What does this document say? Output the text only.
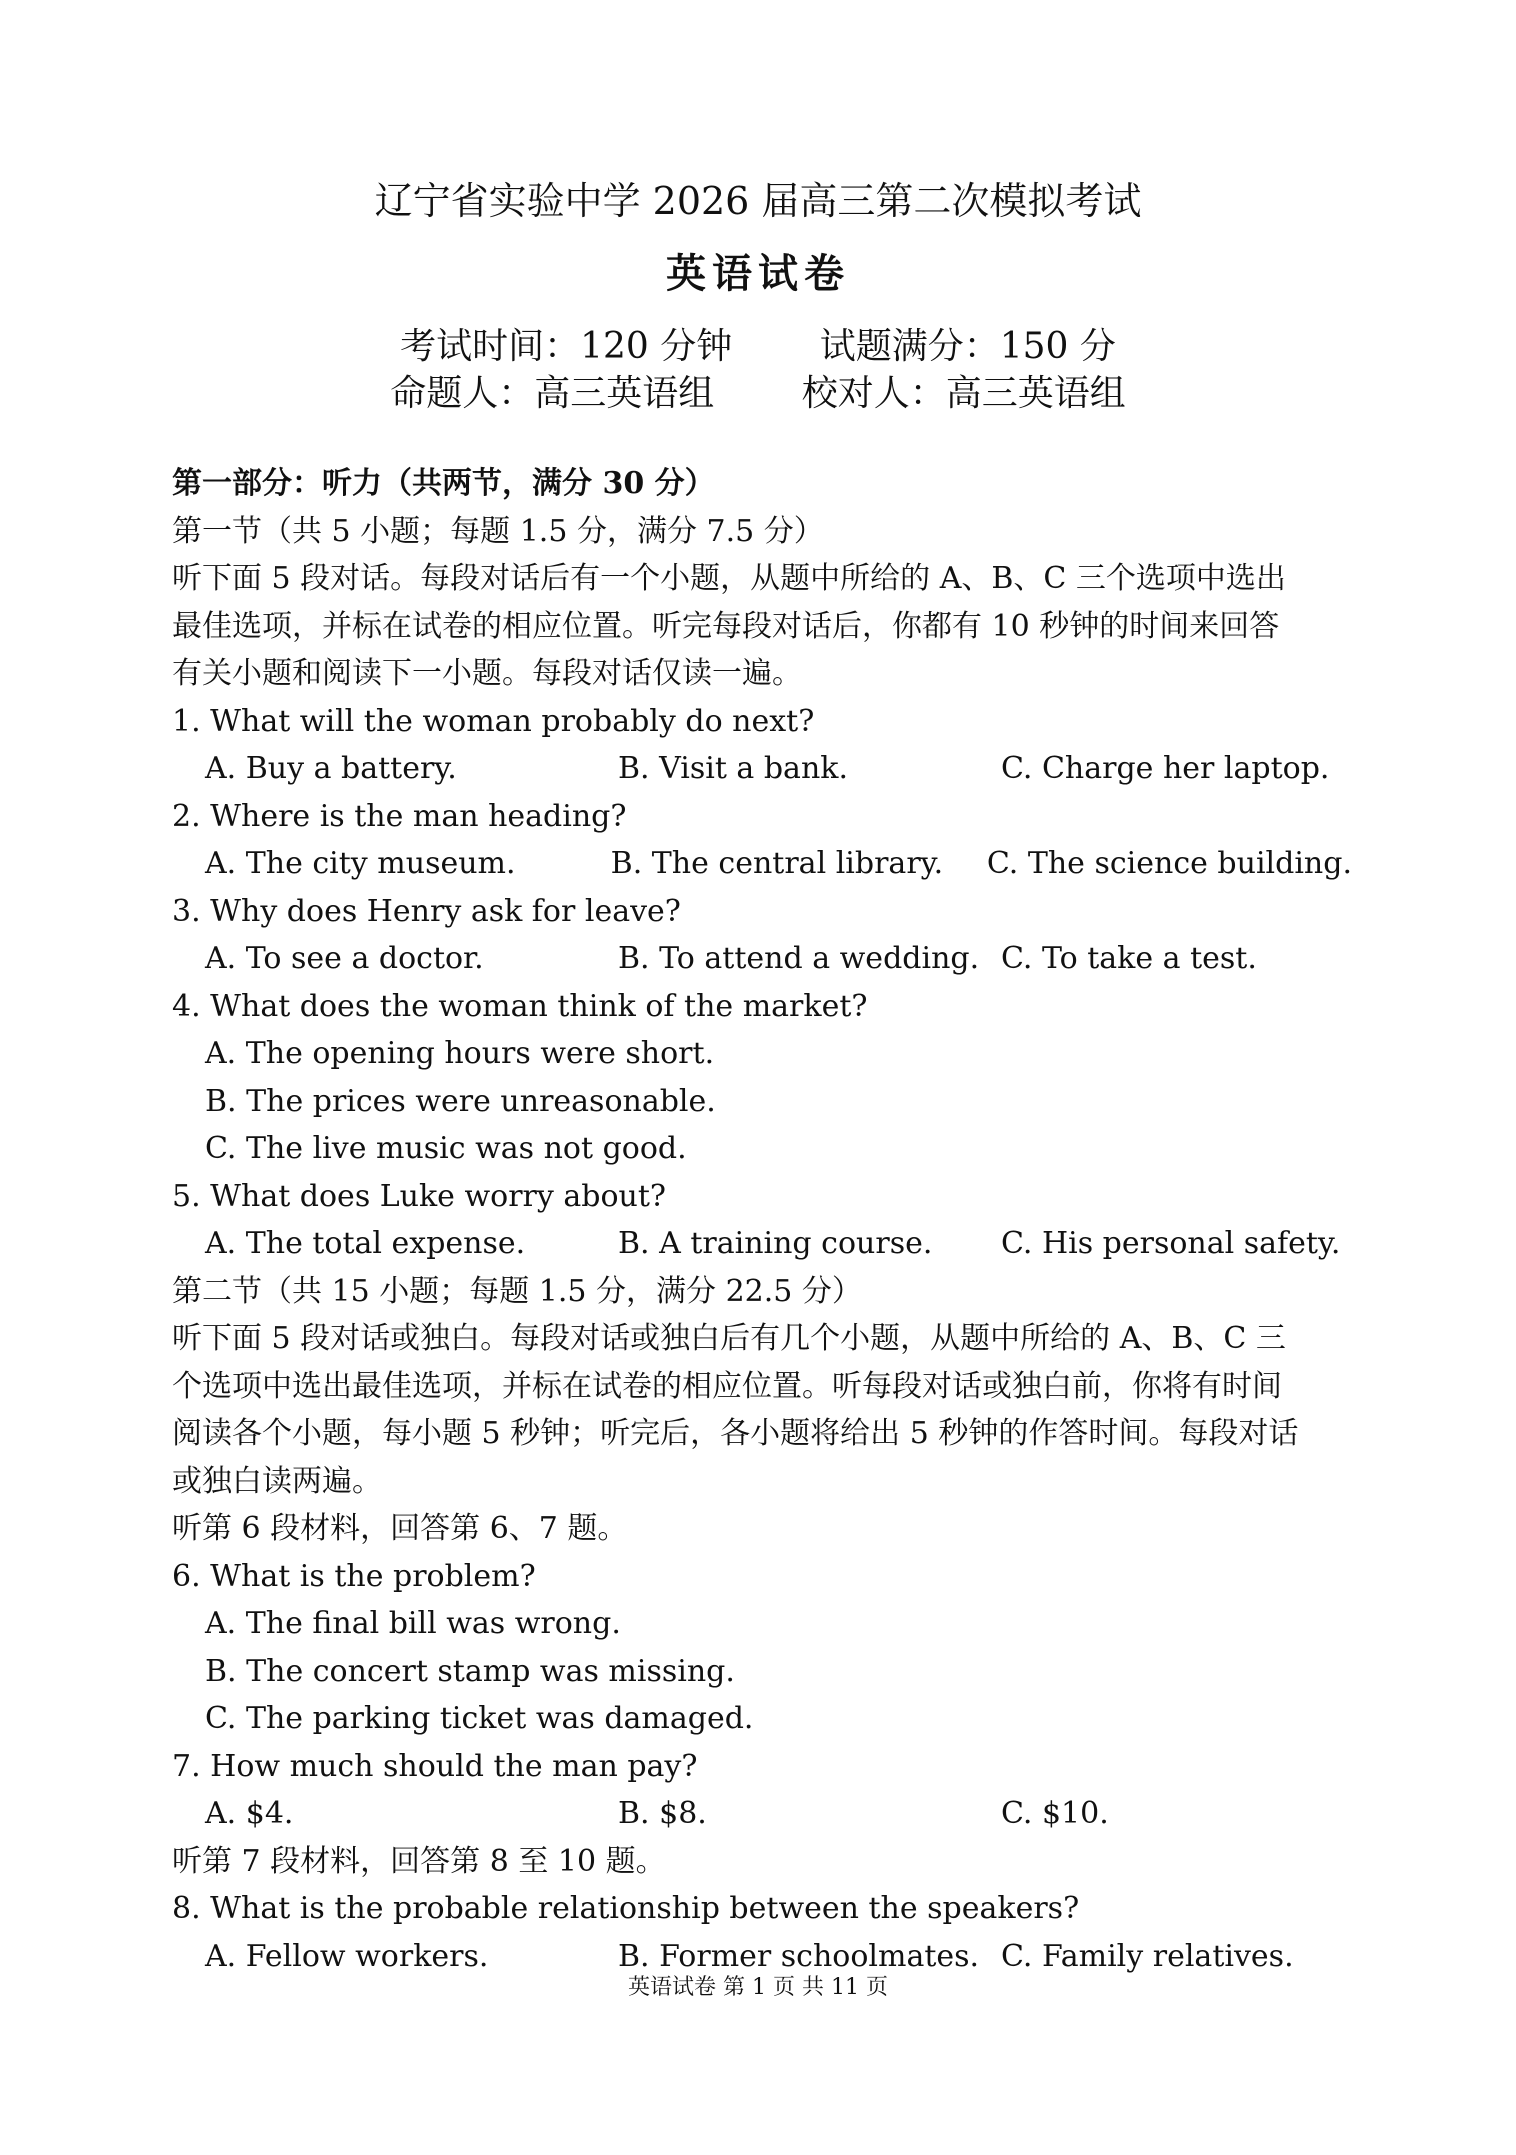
辽宁省实验中学 2026 届高三第二次模拟考试
英语试卷
考试时间：120 分钟 试题满分：150 分
命题人：高三英语组 校对人：高三英语组
第一部分：听力（共两节，满分 30 分）
第一节（共 5 小题；每题 1.5 分，满分 7.5 分）
听下面 5 段对话。每段对话后有一个小题，从题中所给的 A、B、C 三个选项中选出
最佳选项，并标在试卷的相应位置。听完每段对话后，你都有 10 秒钟的时间来回答
有关小题和阅读下一小题。每段对话仅读一遍。
1. What will the woman probably do next?
A. Buy a battery.	B. Visit a bank.	C. Charge her laptop.
2. Where is the man heading?
A. The city museum.	B. The central library.	C. The science building.
3. Why does Henry ask for leave?
A. To see a doctor.	B. To attend a wedding. C. To take a test.
4. What does the woman think of the market?
A. The opening hours were short.
B. The prices were unreasonable.
C. The live music was not good.
5. What does Luke worry about?
A. The total expense.	B. A training course.	C. His personal safety.
第二节（共 15 小题；每题 1.5 分，满分 22.5 分）
听下面 5 段对话或独白。每段对话或独白后有几个小题，从题中所给的 A、B、C 三
个选项中选出最佳选项，并标在试卷的相应位置。听每段对话或独白前，你将有时间
阅读各个小题，每小题 5 秒钟；听完后，各小题将给出 5 秒钟的作答时间。每段对话
或独白读两遍。
听第 6 段材料，回答第 6、7 题。
6. What is the problem?
A. The final bill was wrong.
B. The concert stamp was missing.
C. The parking ticket was damaged.
7. How much should the man pay?
A. $4.	B. $8.	C. $10.
听第 7 段材料，回答第 8 至 10 题。
8. What is the probable relationship between the speakers?
A. Fellow workers.	B. Former schoolmates. C. Family relatives.
英语试卷 第 1 页 共 11 页
